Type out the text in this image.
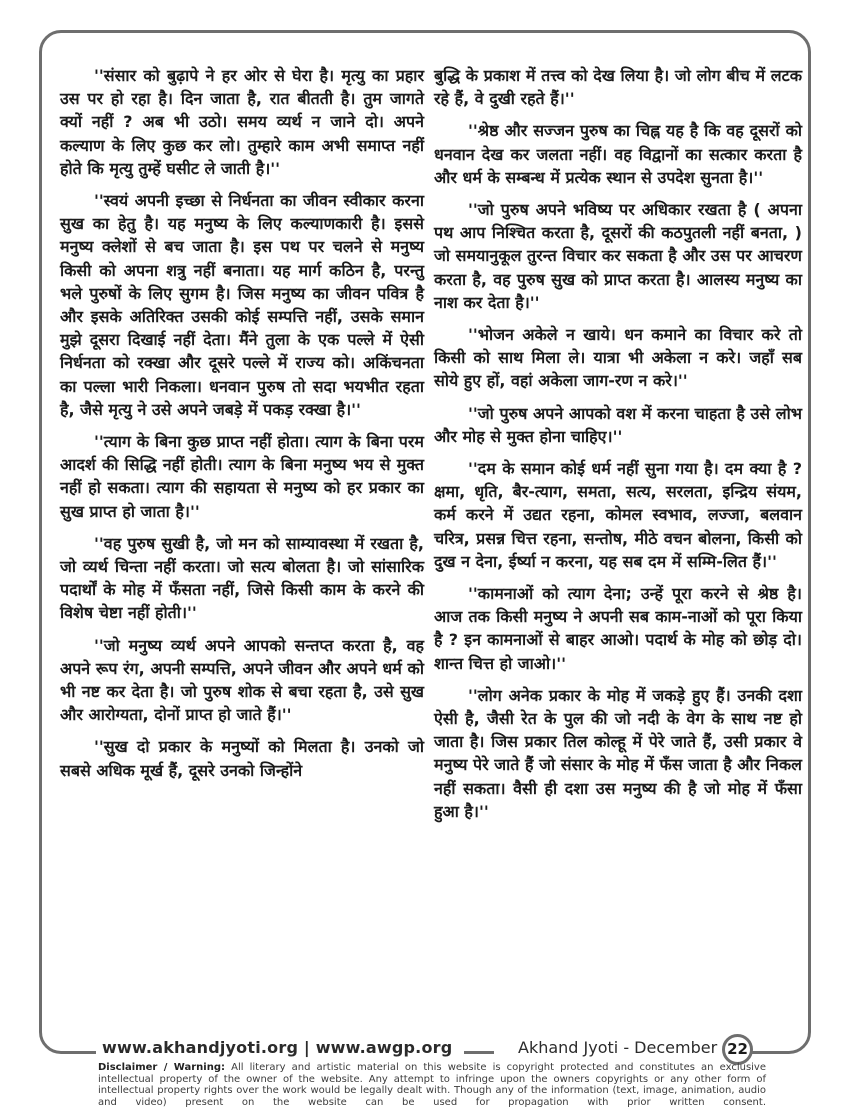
''संसार को बुढ़ापे ने हर ओर से घेरा है। मृत्यु का प्रहार उस पर हो रहा है। दिन जाता है, रात बीतती है। तुम जागते क्यों नहीं ? अब भी उठो। समय व्यर्थ न जाने दो। अपने कल्याण के लिए कुछ कर लो। तुम्हारे काम अभी समाप्त नहीं होते कि मृत्यु तुम्हें घसीट ले जाती है।''

''स्वयं अपनी इच्छा से निर्धनता का जीवन स्वीकार करना सुख का हेतु है। यह मनुष्य के लिए कल्याणकारी है। इससे मनुष्य क्लेशों से बच जाता है। इस पथ पर चलने से मनुष्य किसी को अपना शत्रु नहीं बनाता। यह मार्ग कठिन है, परन्तु भले पुरुषों के लिए सुगम है। जिस मनुष्य का जीवन पवित्र है और इसके अतिरिक्त उसकी कोई सम्पत्ति नहीं, उसके समान मुझे दूसरा दिखाई नहीं देता। मैंने तुला के एक पल्ले में ऐसी निर्धनता को रक्खा और दूसरे पल्ले में राज्य को। अकिंचनता का पल्ला भारी निकला। धनवान पुरुष तो सदा भयभीत रहता है, जैसे मृत्यु ने उसे अपने जबड़े में पकड़ रक्खा है।''

''त्याग के बिना कुछ प्राप्त नहीं होता। त्याग के बिना परम आदर्श की सिद्धि नहीं होती। त्याग के बिना मनुष्य भय से मुक्त नहीं हो सकता। त्याग की सहायता से मनुष्य को हर प्रकार का सुख प्राप्त हो जाता है।''

''वह पुरुष सुखी है, जो मन को साम्यावस्था में रखता है, जो व्यर्थ चिन्ता नहीं करता। जो सत्य बोलता है। जो सांसारिक पदार्थों के मोह में फँसता नहीं, जिसे किसी काम के करने की विशेष चेष्टा नहीं होती।''

''जो मनुष्य व्यर्थ अपने आपको सन्तप्त करता है, वह अपने रूप रंग, अपनी सम्पत्ति, अपने जीवन और अपने धर्म को भी नष्ट कर देता है। जो पुरुष शोक से बचा रहता है, उसे सुख और आरोग्यता, दोनों प्राप्त हो जाते हैं।''

''सुख दो प्रकार के मनुष्यों को मिलता है। उनको जो सबसे अधिक मूर्ख हैं, दूसरे उनको जिन्होंने

बुद्धि के प्रकाश में तत्त्व को देख लिया है। जो लोग बीच में लटक रहे हैं, वे दुखी रहते हैं।''

''श्रेष्ठ और सज्जन पुरुष का चिह्न यह है कि वह दूसरों को धनवान देख कर जलता नहीं। वह विद्वानों का सत्कार करता है और धर्म के सम्बन्ध में प्रत्येक स्थान से उपदेश सुनता है।''

''जो पुरुष अपने भविष्य पर अधिकार रखता है ( अपना पथ आप निश्चित करता है, दूसरों की कठपुतली नहीं बनता, ) जो समयानुकूल तुरन्त विचार कर सकता है और उस पर आचरण करता है, वह पुरुष सुख को प्राप्त करता है। आलस्य मनुष्य का नाश कर देता है।''

''भोजन अकेले न खाये। धन कमाने का विचार करे तो किसी को साथ मिला ले। यात्रा भी अकेला न करे। जहाँ सब सोये हुए हों, वहां अकेला जाग-रण न करे।''

''जो पुरुष अपने आपको वश में करना चाहता है उसे लोभ और मोह से मुक्त होना चाहिए।''

''दम के समान कोई धर्म नहीं सुना गया है। दम क्या है ? क्षमा, धृति, बैर-त्याग, समता, सत्य, सरलता, इन्द्रिय संयम, कर्म करने में उद्यत रहना, कोमल स्वभाव, लज्जा, बलवान चरित्र, प्रसन्न चित्त रहना, सन्तोष, मीठे वचन बोलना, किसी को दुख न देना, ईर्ष्या न करना, यह सब दम में सम्मि-लित हैं।''

''कामनाओं को त्याग देना; उन्हें पूरा करने से श्रेष्ठ है। आज तक किसी मनुष्य ने अपनी सब काम-नाओं को पूरा किया है ? इन कामनाओं से बाहर आओ। पदार्थ के मोह को छोड़ दो। शान्त चित्त हो जाओ।''

''लोग अनेक प्रकार के मोह में जकड़े हुए हैं। उनकी दशा ऐसी है, जैसी रेत के पुल की जो नदी के वेग के साथ नष्ट हो जाता है। जिस प्रकार तिल कोल्हू में पेरे जाते हैं, उसी प्रकार वे मनुष्य पेरे जाते हैं जो संसार के मोह में फँस जाता है और निकल नहीं सकता। वैसी ही दशा उस मनुष्य की है जो मोह में फँसा हुआ है।''

www.akhandjyoti.org | www.awgp.org	Akhand Jyoti - December 22
Disclaimer / Warning: All literary and artistic material on this website is copyright protected and constitutes an exclusive intellectual property of the owner of the website. Any attempt to infringe upon the owners copyrights or any other form of intellectual property rights over the work would be legally dealt with. Though any of the information (text, image, animation, audio and video) present on the website can be used for propagation with prior written consent.
